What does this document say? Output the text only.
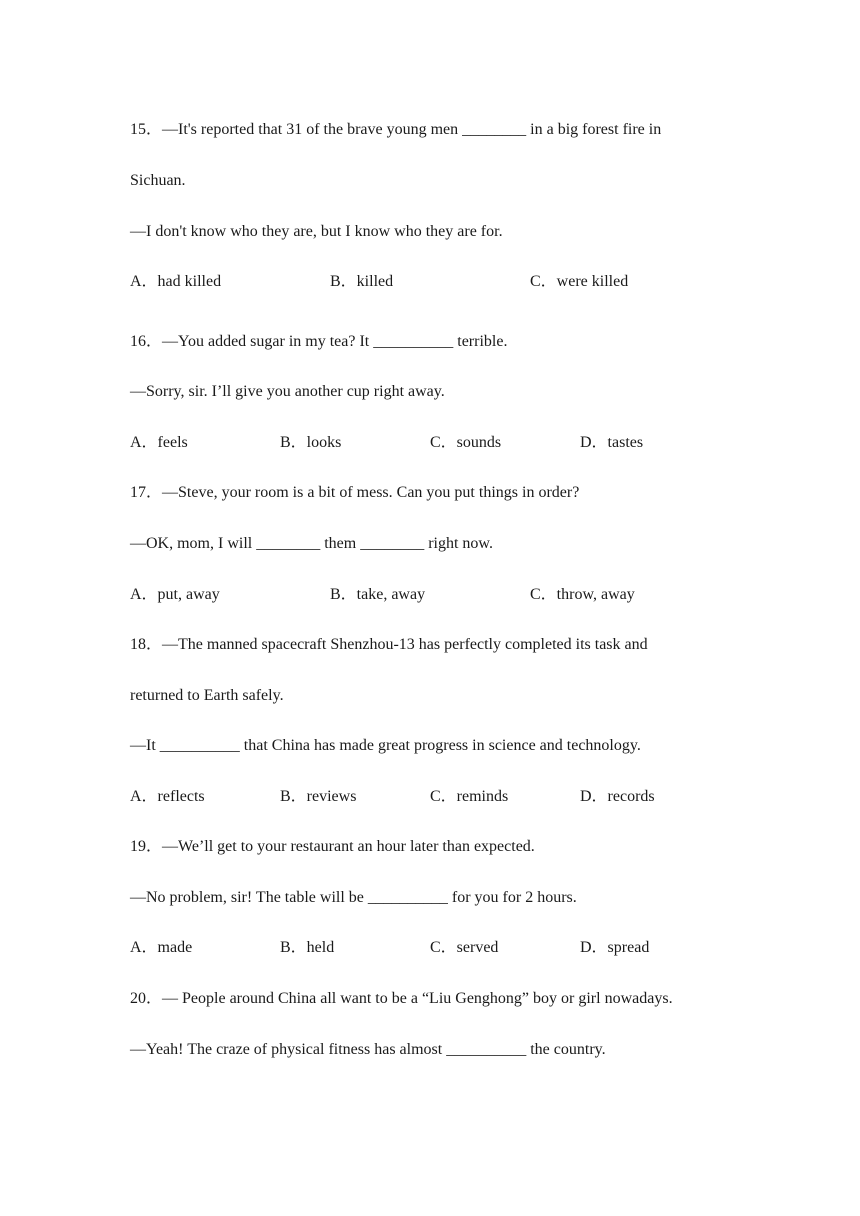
15．—It's reported that 31 of the brave young men ________ in a big forest fire in
Sichuan.
—I don't know who they are, but I know who they are for.
A．had killed	B．killed	C．were killed
16．—You added sugar in my tea? It __________ terrible.
—Sorry, sir. I’ll give you another cup right away.
A．feels	B．looks	C．sounds	D．tastes
17．—Steve, your room is a bit of mess. Can you put things in order?
—OK, mom, I will ________ them ________ right now.
A．put, away	B．take, away	C．throw, away
18．—The manned spacecraft Shenzhou-13 has perfectly completed its task and
returned to Earth safely.
—It __________ that China has made great progress in science and technology.
A．reflects	B．reviews	C．reminds	D．records
19．—We’ll get to your restaurant an hour later than expected.
—No problem, sir! The table will be __________ for you for 2 hours.
A．made	B．held	C．served	D．spread
20．— People around China all want to be a “Liu Genghong” boy or girl nowadays.
—Yeah! The craze of physical fitness has almost __________ the country.
